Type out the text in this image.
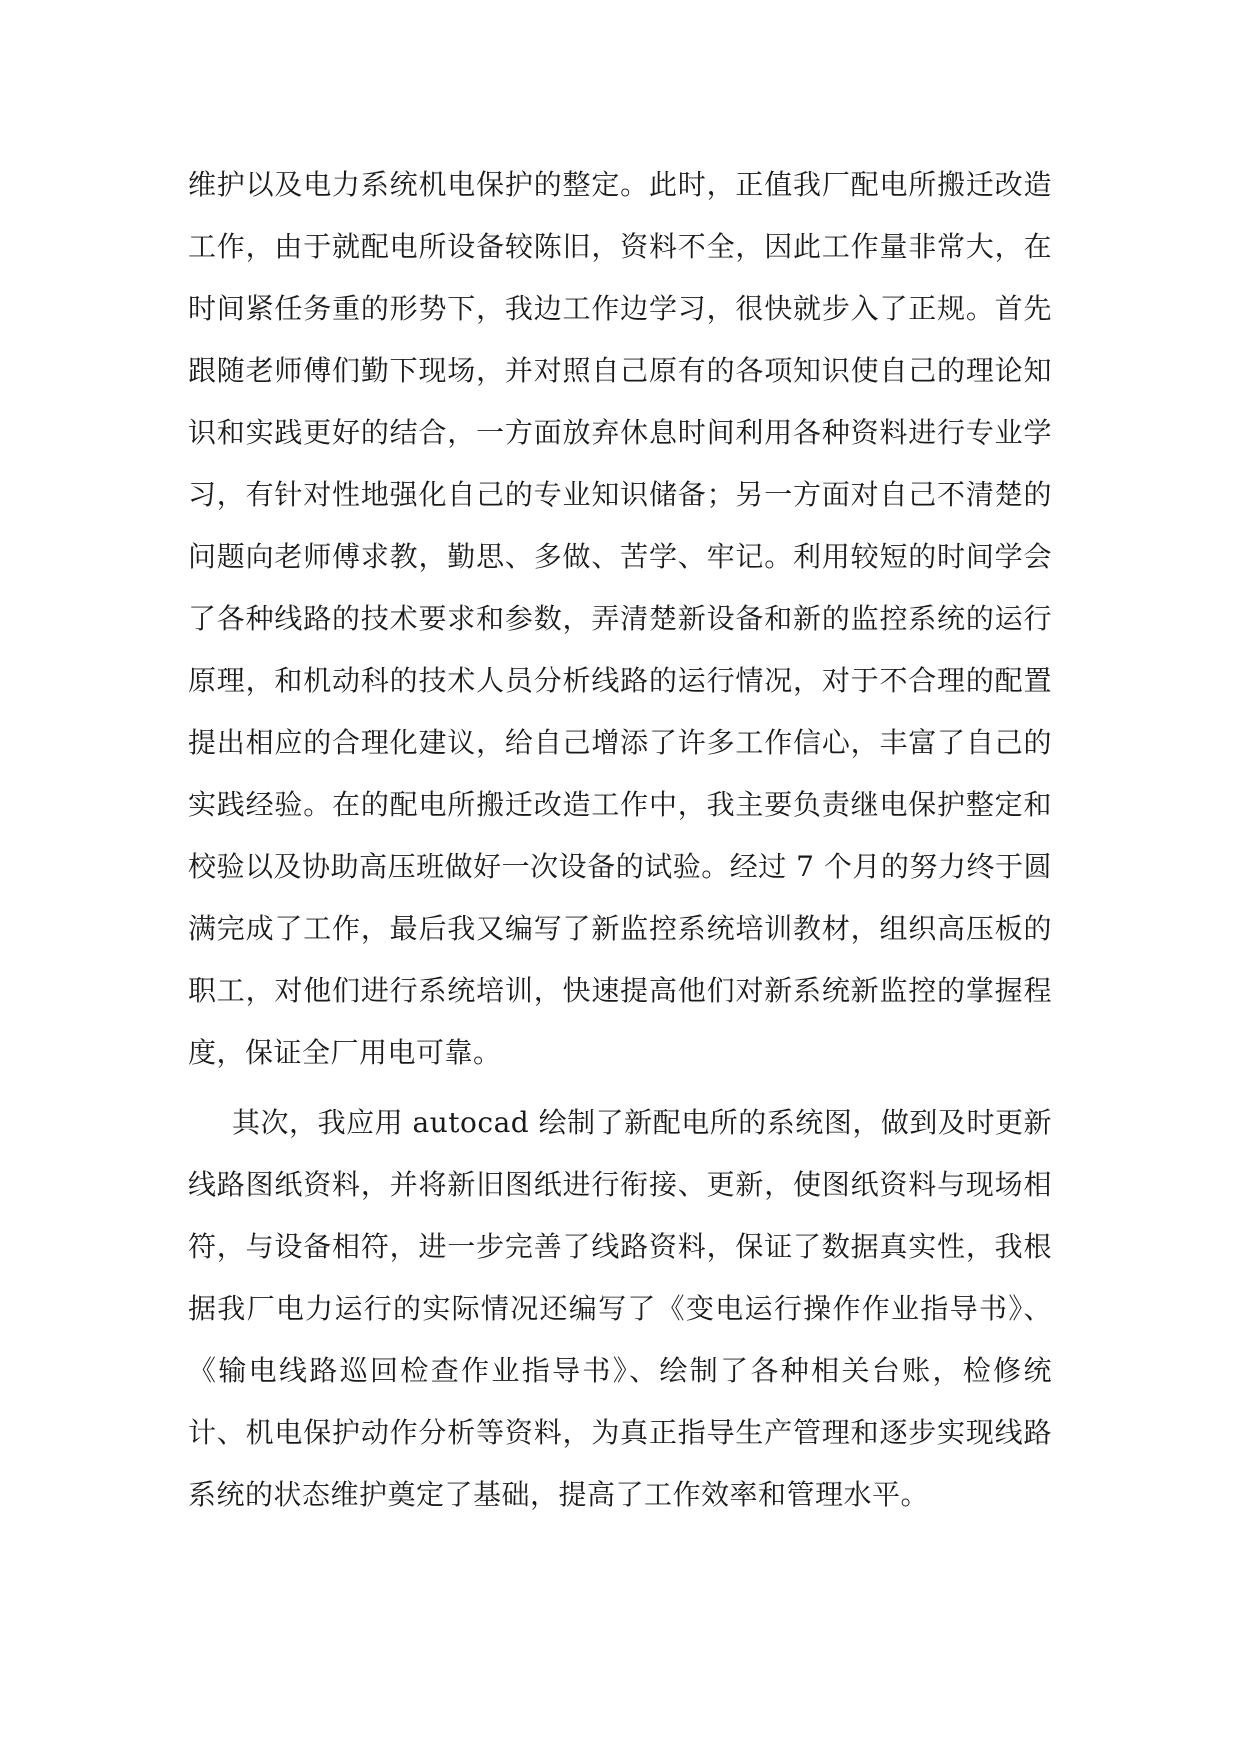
维护以及电力系统机电保护的整定。此时，正值我厂配电所搬迁改造工作，由于就配电所设备较陈旧，资料不全，因此工作量非常大，在时间紧任务重的形势下，我边工作边学习，很快就步入了正规。首先跟随老师傅们勤下现场，并对照自己原有的各项知识使自己的理论知识和实践更好的结合，一方面放弃休息时间利用各种资料进行专业学习，有针对性地强化自己的专业知识储备；另一方面对自己不清楚的问题向老师傅求教，勤思、多做、苦学、牢记。利用较短的时间学会了各种线路的技术要求和参数，弄清楚新设备和新的监控系统的运行原理，和机动科的技术人员分析线路的运行情况，对于不合理的配置提出相应的合理化建议，给自己增添了许多工作信心，丰富了自己的实践经验。在的配电所搬迁改造工作中，我主要负责继电保护整定和校验以及协助高压班做好一次设备的试验。经过 7 个月的努力终于圆满完成了工作，最后我又编写了新监控系统培训教材，组织高压板的职工，对他们进行系统培训，快速提高他们对新系统新监控的掌握程度，保证全厂用电可靠。

其次，我应用 autocad 绘制了新配电所的系统图，做到及时更新线路图纸资料，并将新旧图纸进行衔接、更新，使图纸资料与现场相符，与设备相符，进一步完善了线路资料，保证了数据真实性，我根据我厂电力运行的实际情况还编写了《变电运行操作作业指导书》、《输电线路巡回检查作业指导书》、绘制了各种相关台账，检修统计、机电保护动作分析等资料，为真正指导生产管理和逐步实现线路系统的状态维护奠定了基础，提高了工作效率和管理水平。
